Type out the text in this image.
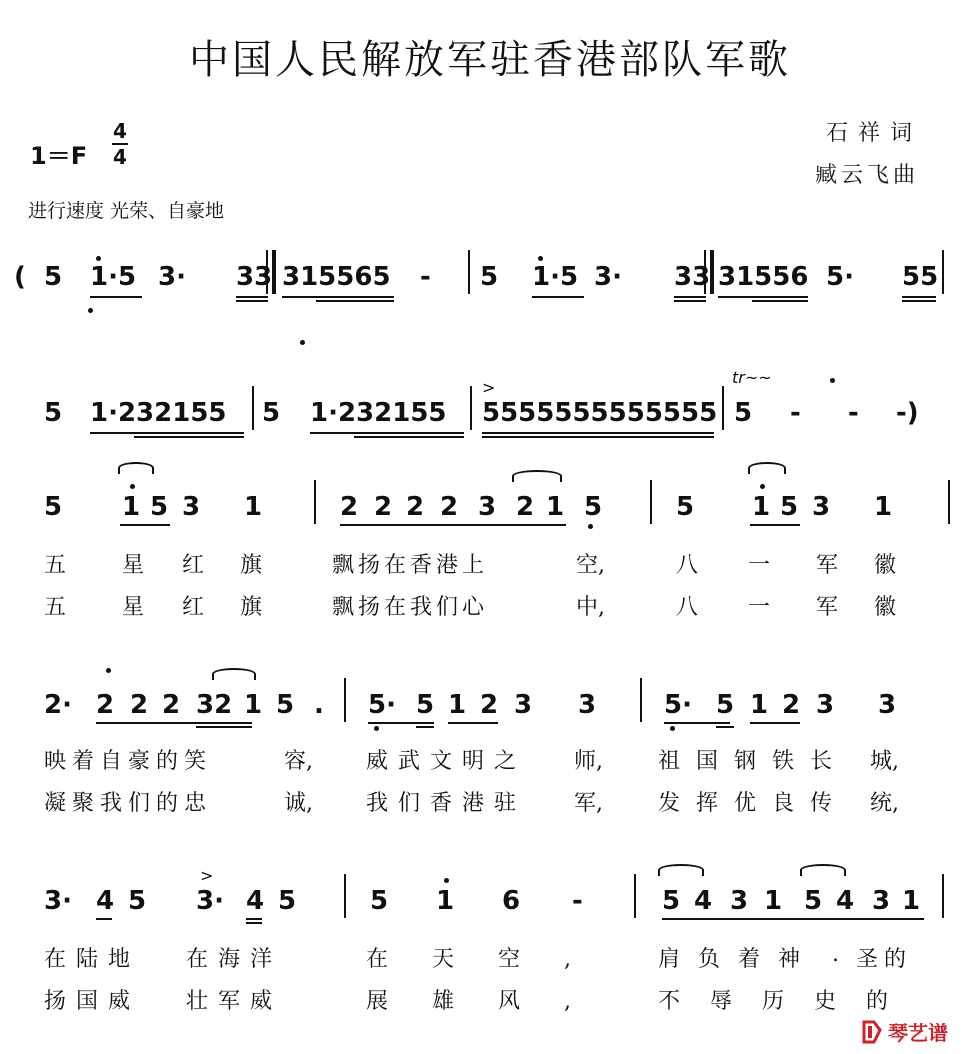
中国人民解放军驻香港部队军歌
1＝F
4
4
石祥词
臧云飞曲
进行速度 光荣、自豪地
( 5 1·5 3· 33 315565 - 5 1·5 3· 33 31556 5· 55
5 1·232155 5 1·232155
>
5555555555555
tr~~
5 - - -)
5 1 5 3 1	2 2 2 2 3 2 1 5	5 1 5 3 1
五	星 红 旗	飘扬在香港上	空,	八 一 军 徽
五	星 红 旗	飘扬在我们心	中,	八 一 军 徽
2· 2 2 2 32 1 5 . 5· 5 1 2 3 3	5· 5 1 2 3 3
映着自豪的笑	容, 威武文明之 师,	祖国钢铁长 城,
凝聚我们的忠	诚, 我们香港驻 军,	发挥优良传 统,
3· 4 5
>
3· 4 5	5 1 6 -	5 4 3 1 5 4 3 1
在陆地 在海洋	在天空, 肩负着神 . 圣的
扬国威 壮军威	展雄风, 不辱历史的
琴艺谱
